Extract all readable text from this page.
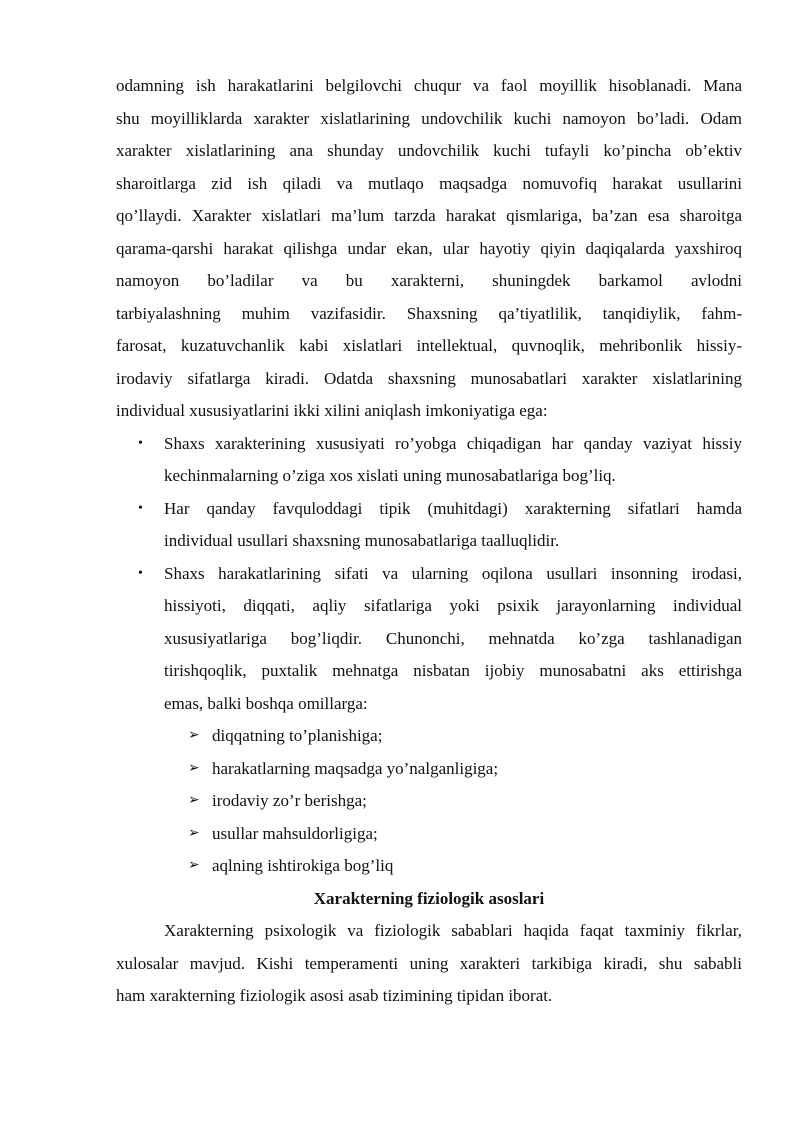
odamning ish harakatlarini belgilovchi chuqur va faol moyillik hisoblanadi. Mana
shu moyilliklarda xarakter xislatlarining undovchilik kuchi namoyon bo’ladi. Odam
xarakter xislatlarining ana shunday undovchilik kuchi tufayli ko’pincha ob’ektiv
sharoitlarga zid ish qiladi va mutlaqo maqsadga nomuvofiq harakat usullarini
qo’llaydi. Xarakter xislatlari ma’lum tarzda harakat qismlariga, ba’zan esa sharoitga
qarama-qarshi harakat qilishga undar ekan, ular hayotiy qiyin daqiqalarda yaxshiroq
namoyon bo’ladilar va bu xarakterni, shuningdek barkamol avlodni
tarbiyalashning muhim vazifasidir. Shaxsning qa’tiyatlilik, tanqidiylik, fahm-
farosat, kuzatuvchanlik kabi xislatlari intellektual, quvnoqlik, mehribonlik hissiy-
irodaviy sifatlarga kiradi. Odatda shaxsning munosabatlari xarakter xislatlarining
individual xususiyatlarini ikki xilini aniqlash imkoniyatiga ega:

• Shaxs xarakterining xususiyati ro’yobga chiqadigan har qanday vaziyat hissiy
kechinmalarning o’ziga xos xislati uning munosabatlariga bog’liq.
• Har qanday favquloddagi tipik (muhitdagi) xarakterning sifatlari hamda
individual usullari shaxsning munosabatlariga taalluqlidir.
• Shaxs harakatlarining sifati va ularning oqilona usullari insonning irodasi,
hissiyoti, diqqati, aqliy sifatlariga yoki psixik jarayonlarning individual
xususiyatlariga bog’liqdir. Chunonchi, mehnatda ko’zga tashlanadigan
tirishqoqlik, puxtalik mehnatga nisbatan ijobiy munosabatni aks ettirishga
emas, balki boshqa omillarga:
➢ diqqatning to’planishiga;
➢ harakatlarning maqsadga yo’nalganligiga;
➢ irodaviy zo’r berishga;
➢ usullar mahsuldorligiga;
➢ aqlning ishtirokiga bog’liq
Xarakterning fiziologik asoslari

Xarakterning psixologik va fiziologik sabablari haqida faqat taxminiy fikrlar,
xulosalar mavjud. Kishi temperamenti uning xarakteri tarkibiga kiradi, shu sababli
ham xarakterning fiziologik asosi asab tizimining tipidan iborat.
